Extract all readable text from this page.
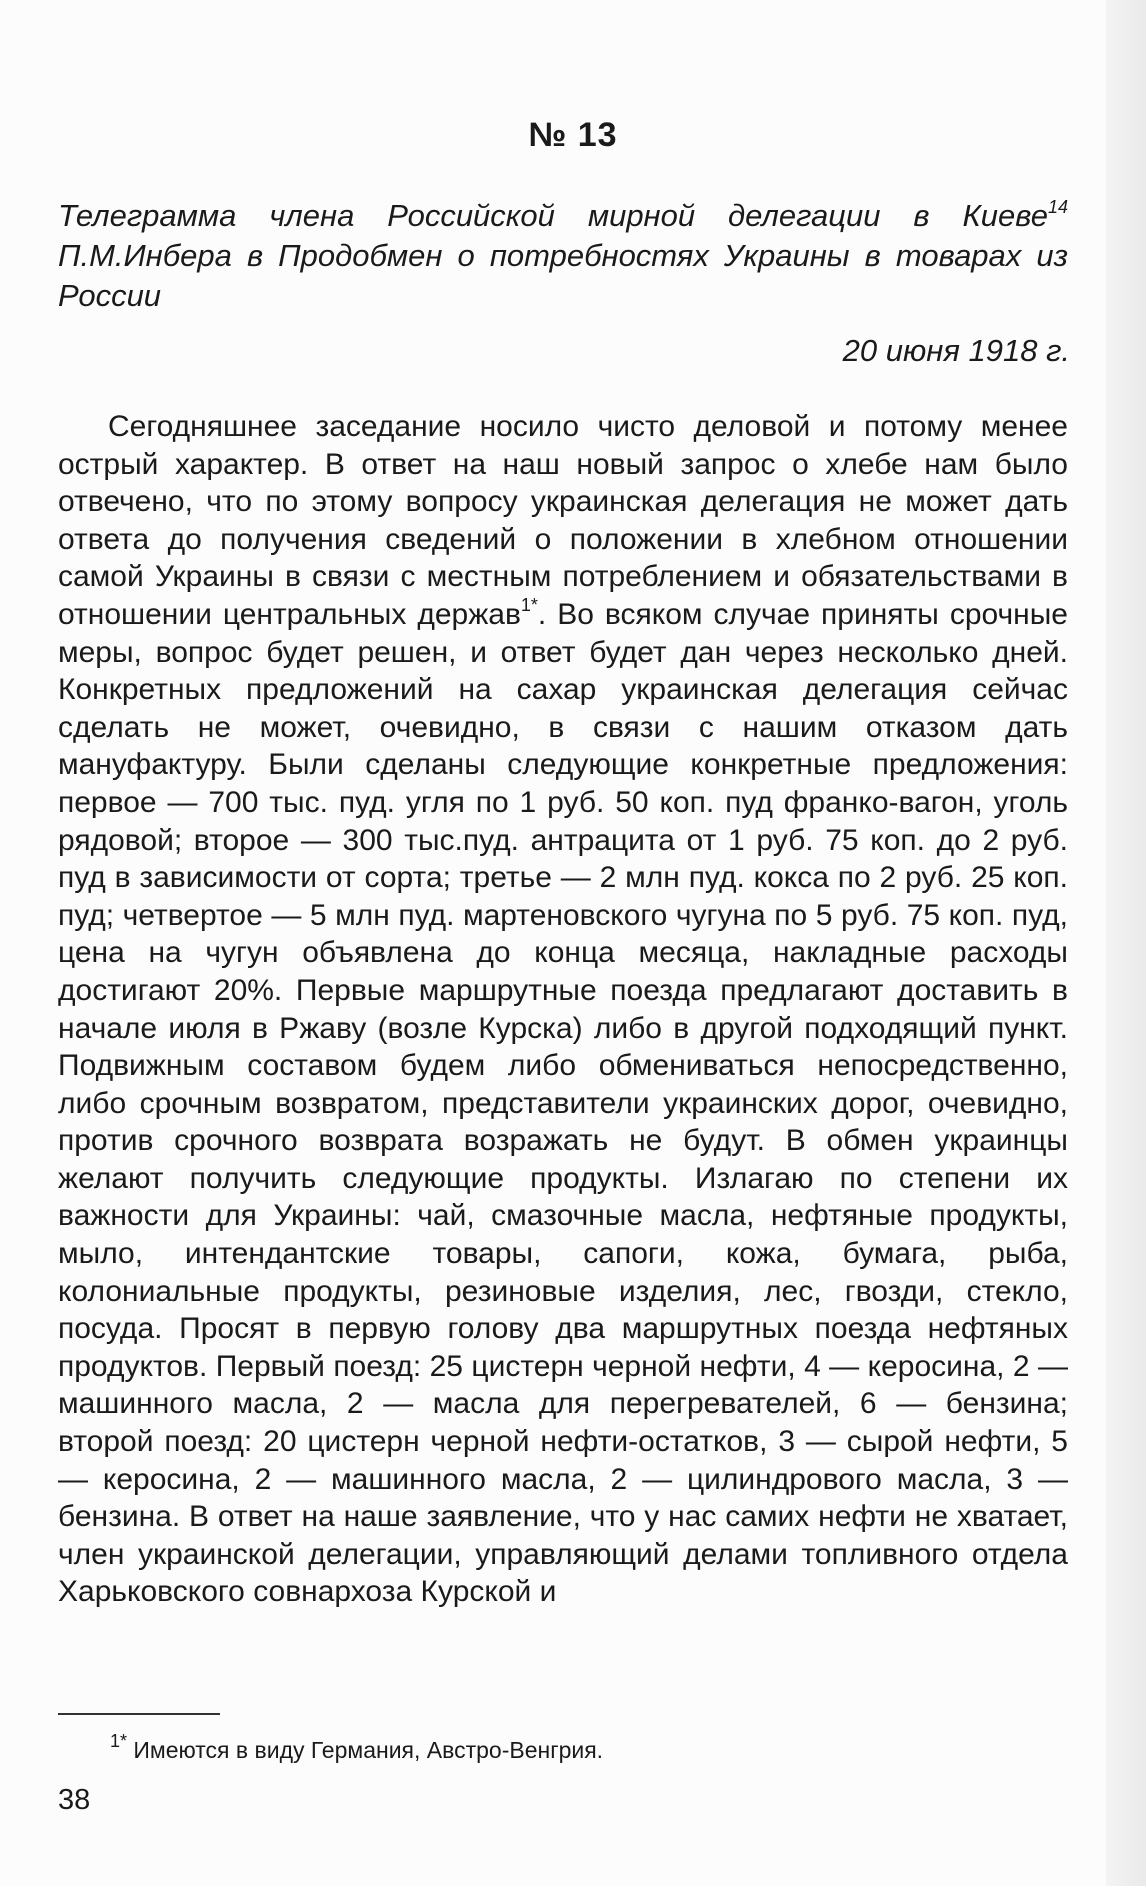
№ 13
Телеграмма члена Российской мирной делегации в Киеве$^{14}$ П.М.Инбера в Продобмен о потребностях Украины в товарах из России
20 июня 1918 г.

Сегодняшнее заседание носило чисто деловой и потому менее острый характер. В ответ на наш новый запрос о хлебе нам было отвечено, что по этому вопросу украинская делегация не может дать ответа до получения сведений о положении в хлебном отношении самой Украины в связи с местным потреблением и обязательствами в отношении центральных держав$^{1*}$. Во всяком случае приняты срочные меры, вопрос будет решен, и ответ будет дан через несколько дней. Конкретных предложений на сахар украинская делегация сейчас сделать не может, очевидно, в связи с нашим отказом дать мануфактуру. Были сделаны следующие конкретные предложения: первое — 700 тыс. пуд. угля по 1 руб. 50 коп. пуд франко-вагон, уголь рядовой; второе — 300 тыс.пуд. антрацита от 1 руб. 75 коп. до 2 руб. пуд в зависимости от сорта; третье — 2 млн пуд. кокса по 2 руб. 25 коп. пуд; четвертое — 5 млн пуд. мартеновского чугуна по 5 руб. 75 коп. пуд, цена на чугун объявлена до конца месяца, накладные расходы достигают 20%. Первые маршрутные поезда предлагают доставить в начале июля в Ржаву (возле Курска) либо в другой подходящий пункт. Подвижным составом будем либо обмениваться непосредственно, либо срочным возвратом, представители украинских дорог, очевидно, против срочного возврата возражать не будут. В обмен украинцы желают получить следующие продукты. Излагаю по степени их важности для Украины: чай, смазочные масла, нефтяные продукты, мыло, интендантские товары, сапоги, кожа, бумага, рыба, колониальные продукты, резиновые изделия, лес, гвозди, стекло, посуда. Просят в первую голову два маршрутных поезда нефтяных продуктов. Первый поезд: 25 цистерн черной нефти, 4 — керосина, 2 — машинного масла, 2 — масла для перегревателей, 6 — бензина; второй поезд: 20 цистерн черной нефти-остатков, 3 — сырой нефти, 5 — керосина, 2 — машинного масла, 2 — цилиндрового масла, 3 — бензина. В ответ на наше заявление, что у нас самих нефти не хватает, член украинской делегации, управляющий делами топливного отдела Харьковского совнархоза Курской и

$^{1*}$ Имеются в виду Германия, Австро-Венгрия.
38
